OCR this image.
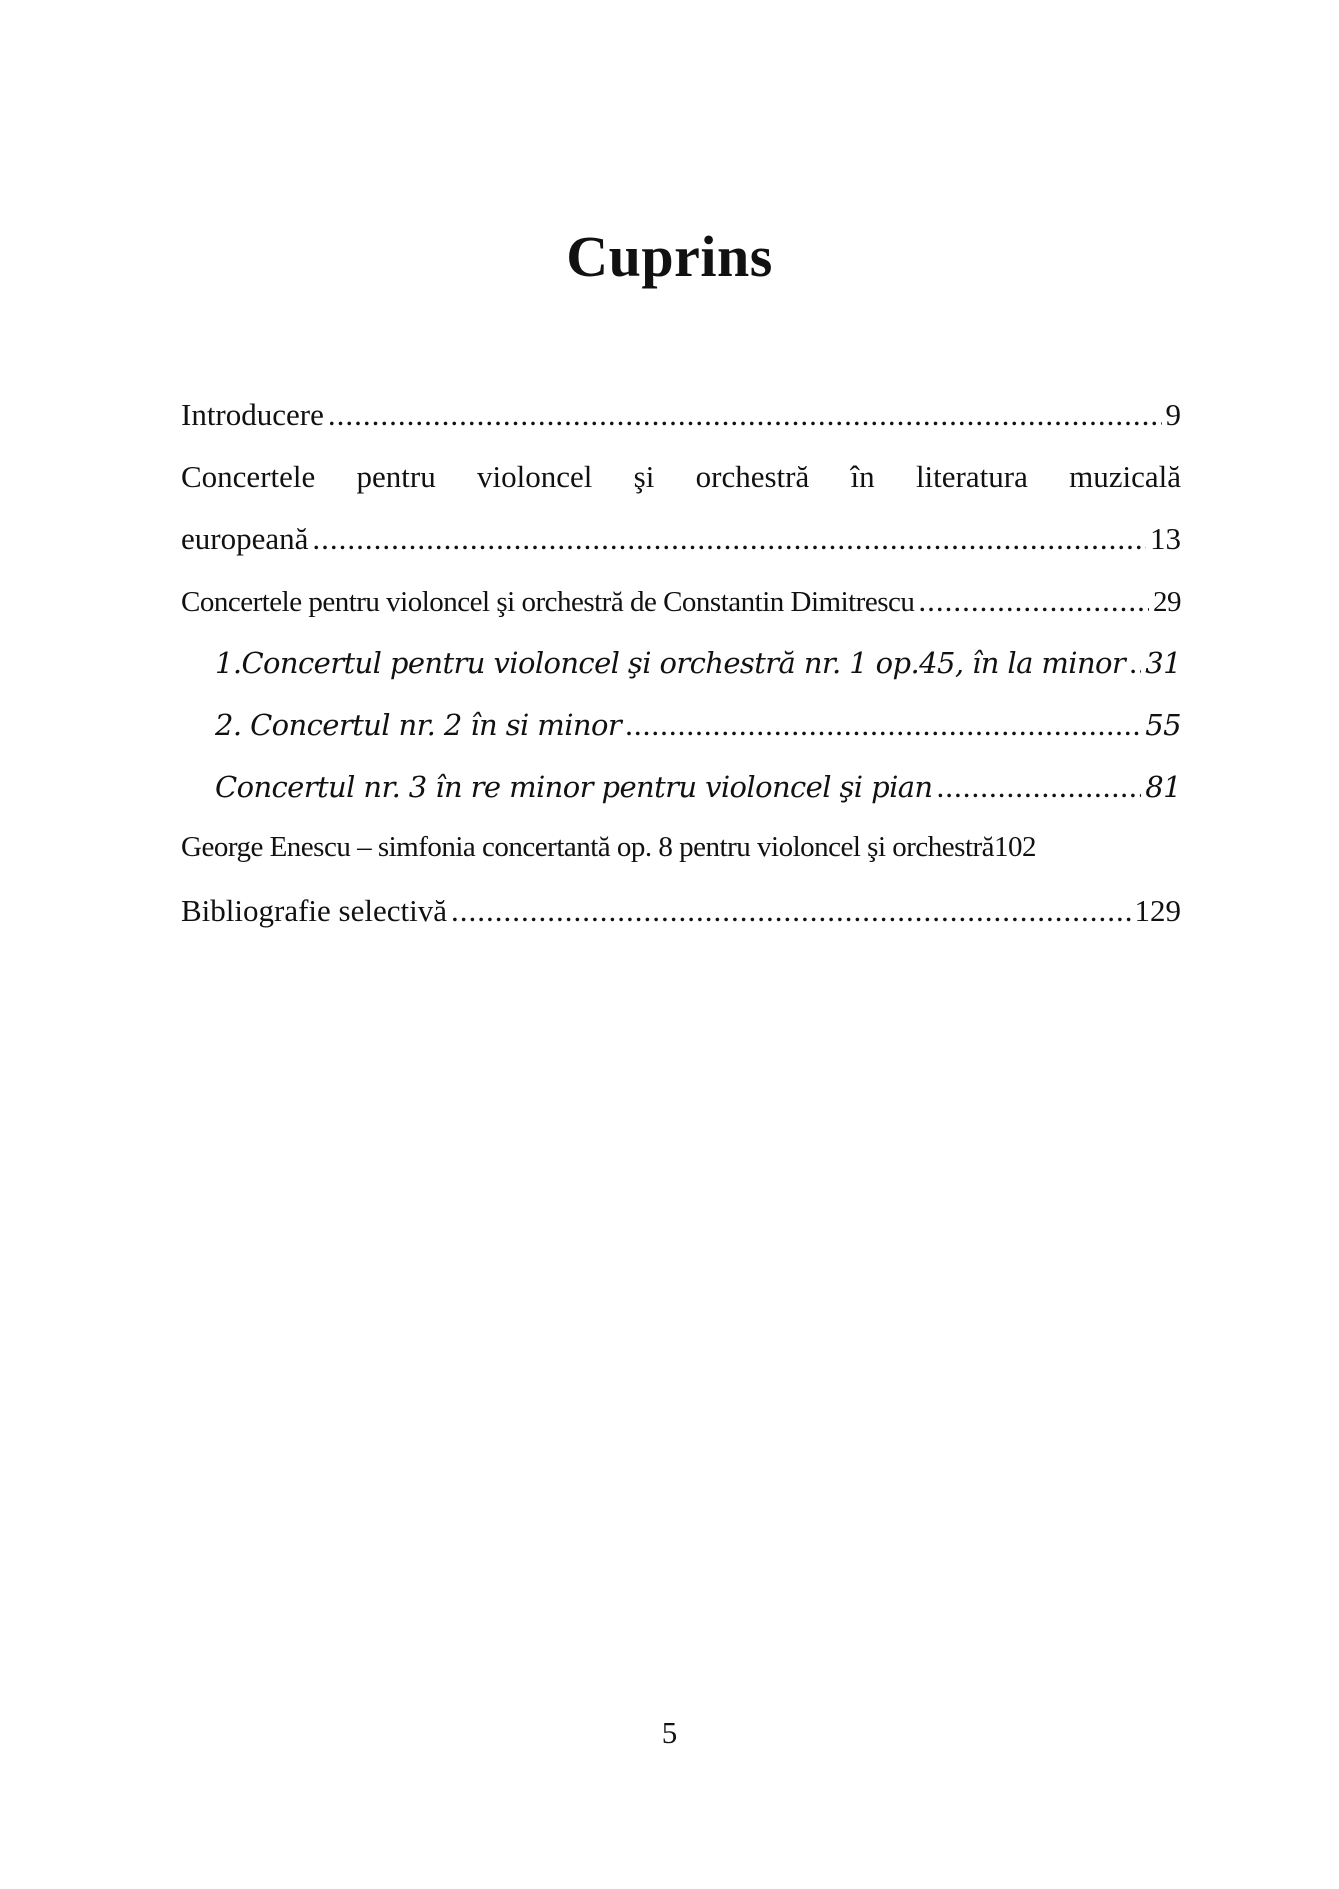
Cuprins
Introducere .....	9
Concertele pentru violoncel şi orchestră în literatura muzicală
europeană .....	13
Concertele pentru violoncel şi orchestră de Constantin Dimitrescu .....	29
1.Concertul pentru violoncel şi orchestră nr. 1 op.45, în la minor ..... 31
2. Concertul nr. 2 în si minor .....	55
Concertul nr. 3 în re minor pentru violoncel şi pian .....	81
George Enescu – simfonia concertantă op. 8 pentru violoncel şi orchestră 102
Bibliografie selectivă .....	129
5
